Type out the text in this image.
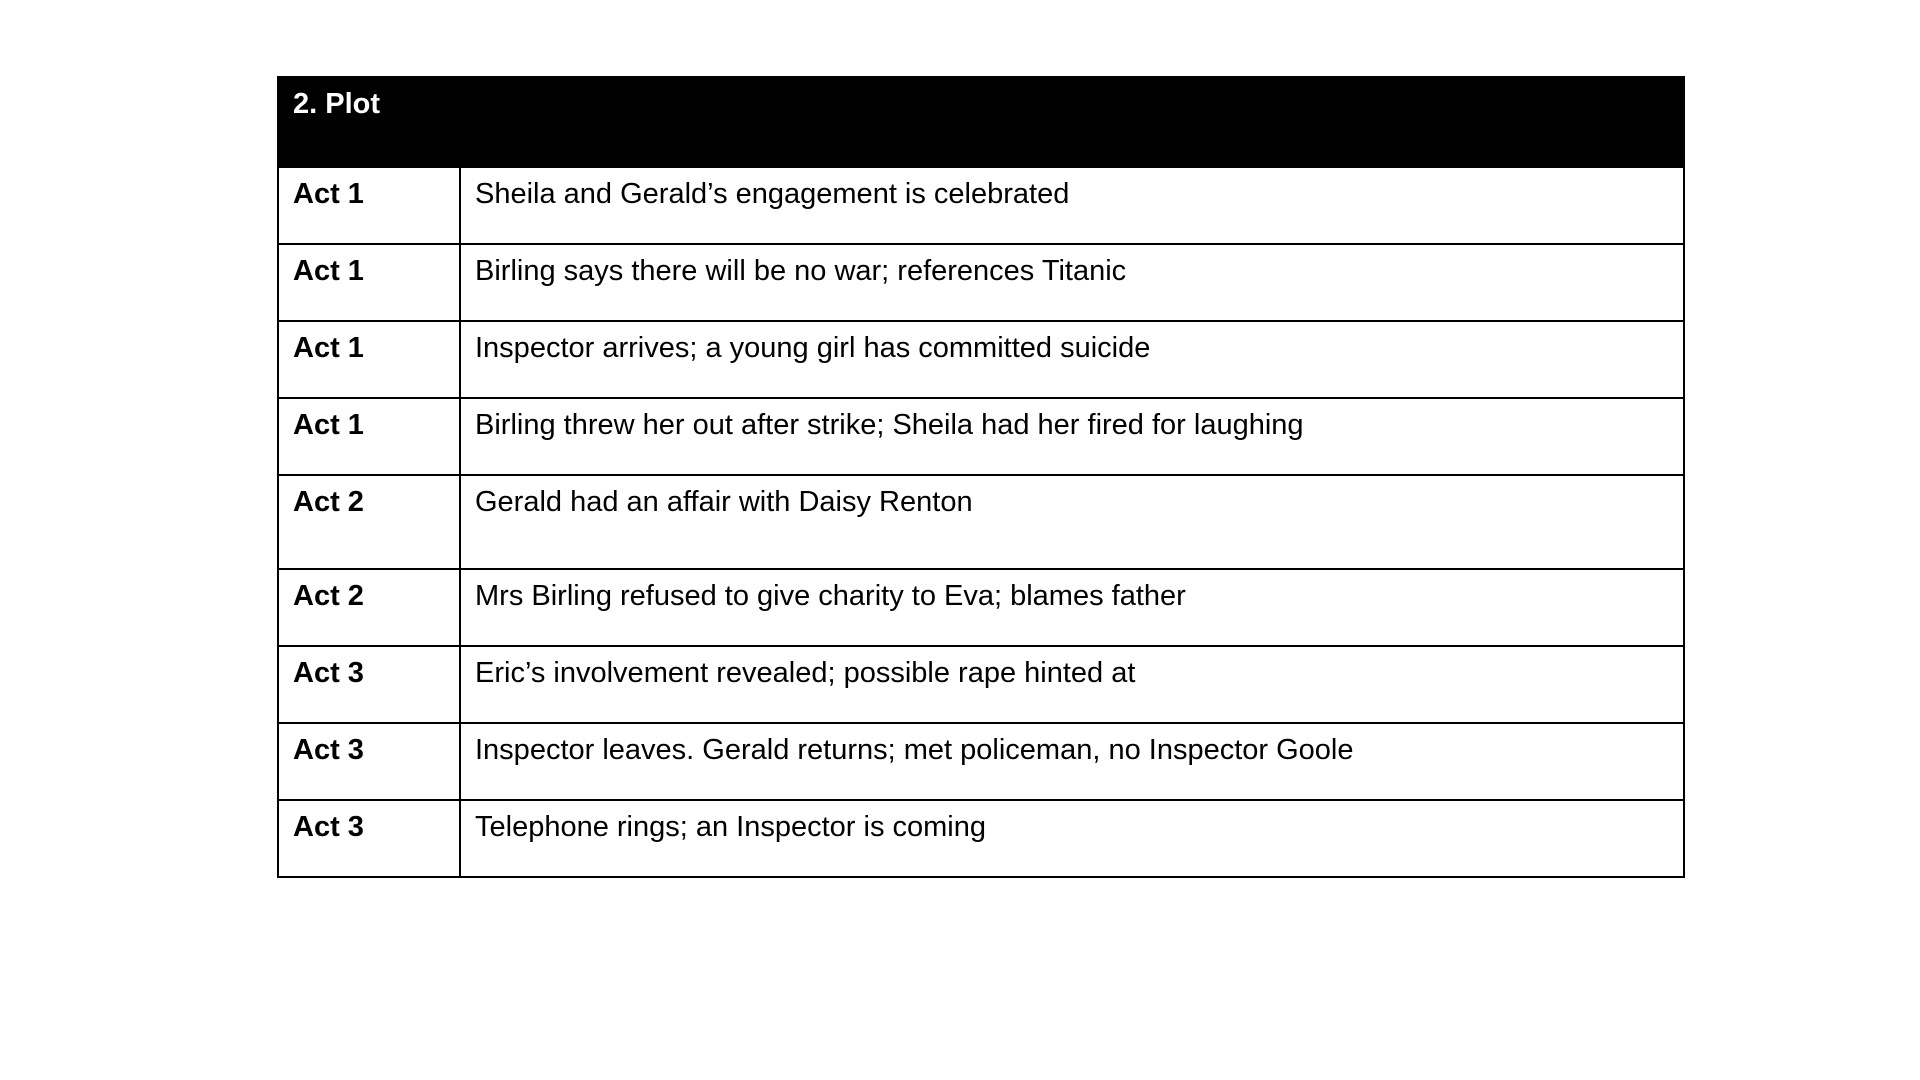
2. Plot	
Act 1	Sheila and Gerald’s engagement is celebrated
Act 1	Birling says there will be no war; references Titanic
Act 1	Inspector arrives; a young girl has committed suicide
Act 1	Birling threw her out after strike; Sheila had her fired for laughing
Act 2	Gerald had an affair with Daisy Renton
Act 2	Mrs Birling refused to give charity to Eva; blames father
Act 3	Eric’s involvement revealed; possible rape hinted at
Act 3	Inspector leaves. Gerald returns; met policeman, no Inspector Goole
Act 3	Telephone rings; an Inspector is coming
